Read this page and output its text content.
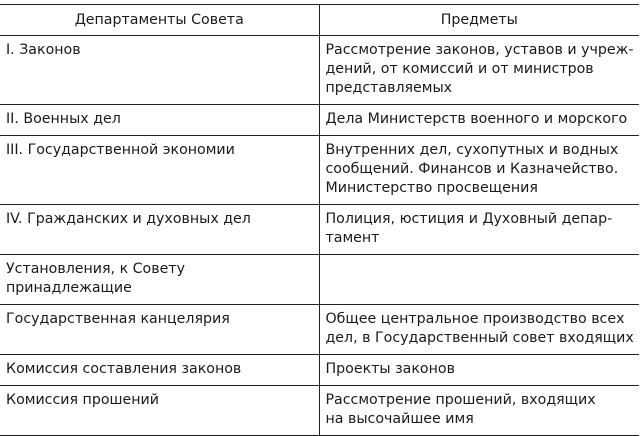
Департаменты Совета	Предметы
I. Законов	Рассмотрение законов, уставов и учреж-
дений, от комиссий и от министров
представляемых
II. Военных дел	Дела Министерств военного и морского
III. Государственной экономии	Внутренних дел, сухопутных и водных
сообщений. Финансов и Казначейство.
Министерство просвещения
IV. Гражданских и духовных дел	Полиция, юстиция и Духовный депар-
тамент
Установления, к Совету принадлежащие	
Государственная канцелярия	Общее центральное производство всех
дел, в Государственный совет входящих
Комиссия составления законов	Проекты законов
Комиссия прошений	Рассмотрение прошений, входящих
на высочайшее имя
